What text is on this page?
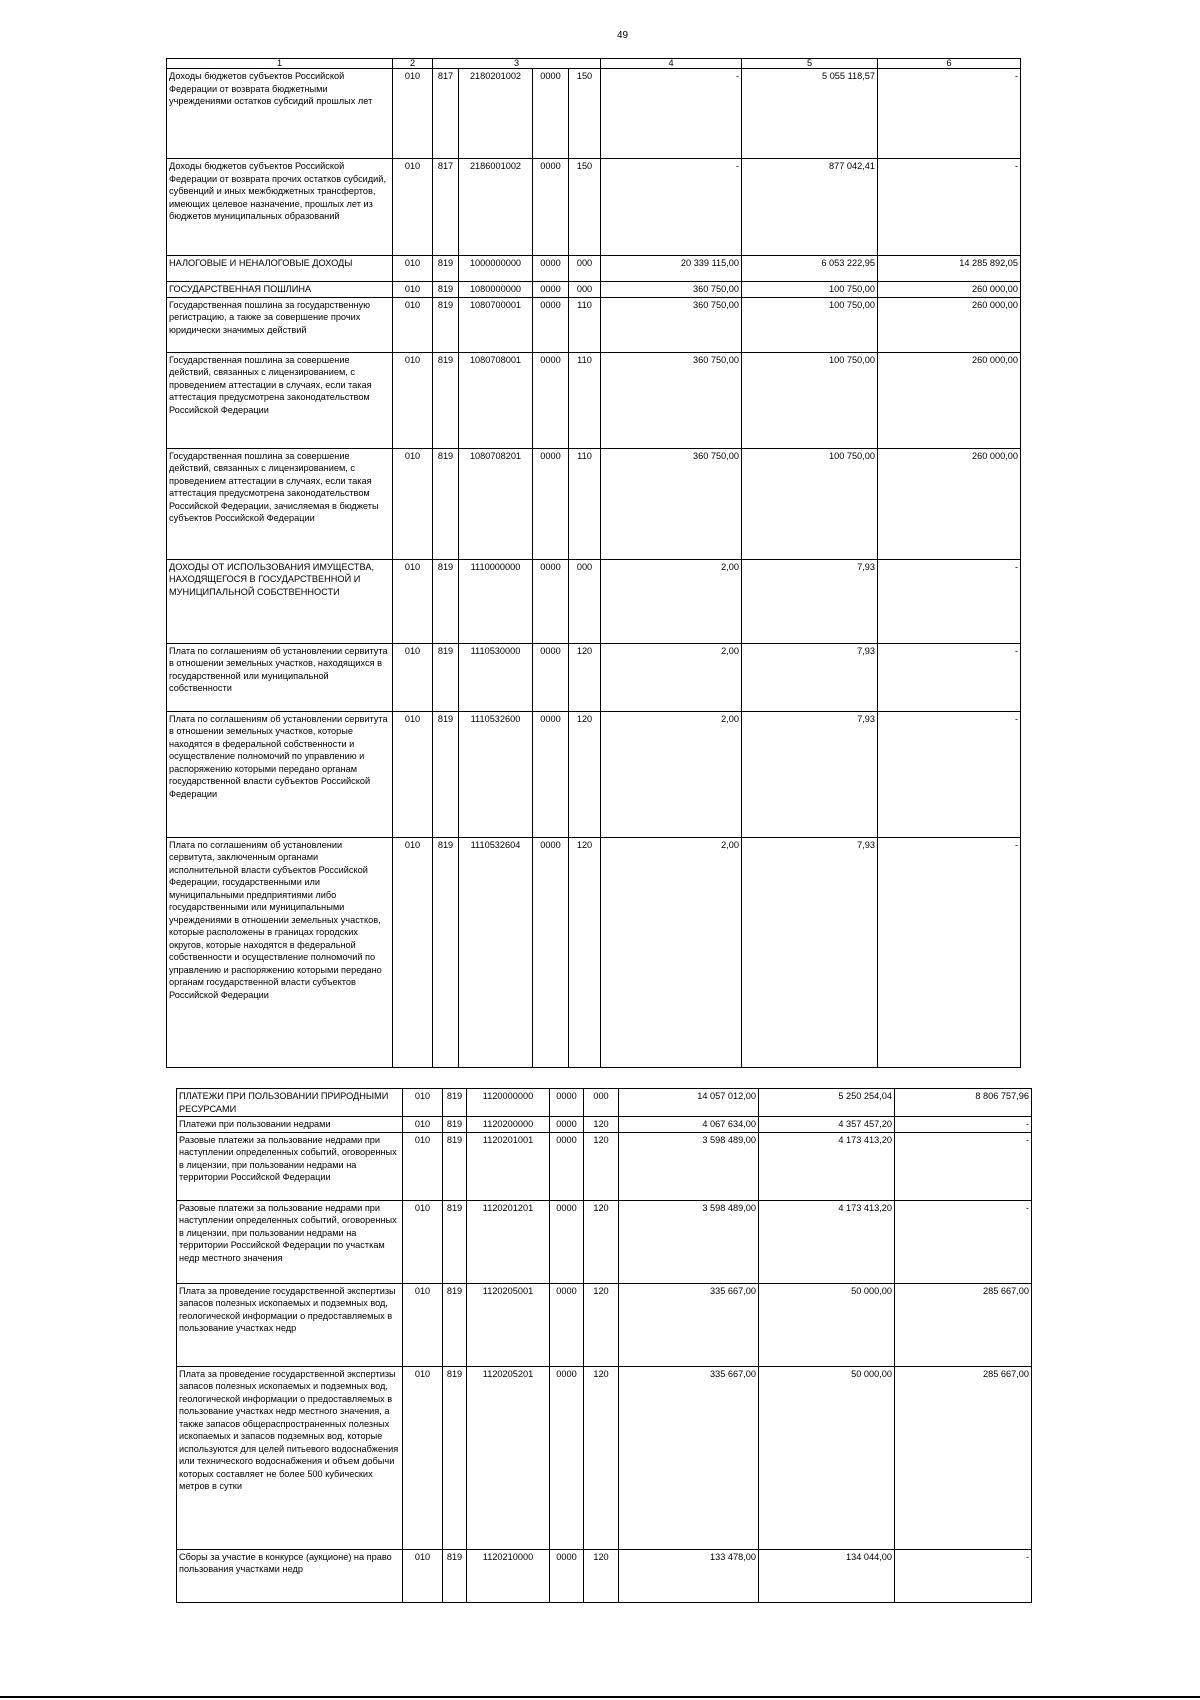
49
1	2	3				4	5	6
Доходы бюджетов субъектов Российской Федерации от возврата бюджетными учреждениями остатков субсидий прошлых лет	010	817	2180201002	0000	150	-	5 055 118,57	-
Доходы бюджетов субъектов Российской Федерации от возврата прочих остатков субсидий, субвенций и иных межбюджетных трансфертов, имеющих целевое назначение, прошлых лет из бюджетов муниципальных образований	010	817	2186001002	0000	150	-	877 042,41	-
НАЛОГОВЫЕ И НЕНАЛОГОВЫЕ ДОХОДЫ	010	819	1000000000	0000	000	20 339 115,00	6 053 222,95	14 285 892,05
ГОСУДАРСТВЕННАЯ ПОШЛИНА	010	819	1080000000	0000	000	360 750,00	100 750,00	260 000,00
Государственная пошлина за государственную регистрацию, а также за совершение прочих юридически значимых действий	010	819	1080700001	0000	110	360 750,00	100 750,00	260 000,00
Государственная пошлина за совершение действий, связанных с лицензированием, с проведением аттестации в случаях, если такая аттестация предусмотрена законодательством Российской Федерации	010	819	1080708001	0000	110	360 750,00	100 750,00	260 000,00
Государственная пошлина за совершение действий, связанных с лицензированием, с проведением аттестации в случаях, если такая аттестация предусмотрена законодательством Российской Федерации, зачисляемая в бюджеты субъектов Российской Федерации	010	819	1080708201	0000	110	360 750,00	100 750,00	260 000,00
ДОХОДЫ ОТ ИСПОЛЬЗОВАНИЯ ИМУЩЕСТВА, НАХОДЯЩЕГОСЯ В ГОСУДАРСТВЕННОЙ И МУНИЦИПАЛЬНОЙ СОБСТВЕННОСТИ	010	819	1110000000	0000	000	2,00	7,93	-
Плата по соглашениям об установлении сервитута в отношении земельных участков, находящихся в государственной или муниципальной собственности	010	819	1110530000	0000	120	2,00	7,93	-
Плата по соглашениям об установлении сервитута в отношении земельных участков, которые находятся в федеральной собственности и осуществление полномочий по управлению и распоряжению которыми передано органам государственной власти субъектов Российской Федерации	010	819	1110532600	0000	120	2,00	7,93	-
Плата по соглашениям об установлении сервитута, заключенным органами исполнительной власти субъектов Российской Федерации, государственными или муниципальными предприятиями либо государственными или муниципальными учреждениями в отношении земельных участков, которые расположены в границах городских округов, которые находятся в федеральной собственности и осуществление полномочий по управлению и распоряжению которыми передано органам государственной власти субъектов Российской Федерации	010	819	1110532604	0000	120	2,00	7,93	-
ПЛАТЕЖИ ПРИ ПОЛЬЗОВАНИИ ПРИРОДНЫМИ РЕСУРСАМИ	010	819	1120000000	0000	000	14 057 012,00	5 250 254,04	8 806 757,96
Платежи при пользовании недрами	010	819	1120200000	0000	120	4 067 634,00	4 357 457,20	-
Разовые платежи за пользование недрами при наступлении определенных событий, оговоренных в лицензии, при пользовании недрами на территории Российской Федерации	010	819	1120201001	0000	120	3 598 489,00	4 173 413,20	-
Разовые платежи за пользование недрами при наступлении определенных событий, оговоренных в лицензии, при пользовании недрами на территории Российской Федерации по участкам недр местного значения	010	819	1120201201	0000	120	3 598 489,00	4 173 413,20	-
Плата за проведение государственной экспертизы запасов полезных ископаемых и подземных вод, геологической информации о предоставляемых в пользование участках недр	010	819	1120205001	0000	120	335 667,00	50 000,00	285 667,00
Плата за проведение государственной экспертизы запасов полезных ископаемых и подземных вод, геологической информации о предоставляемых в пользование участках недр местного значения, а также запасов общераспространенных полезных ископаемых и запасов подземных вод, которые используются для целей питьевого водоснабжения или технического водоснабжения и объем добычи которых составляет не более 500 кубических метров в сутки	010	819	1120205201	0000	120	335 667,00	50 000,00	285 667,00
Сборы за участие в конкурсе (аукционе) на право пользования участками недр	010	819	1120210000	0000	120	133 478,00	134 044,00	-
